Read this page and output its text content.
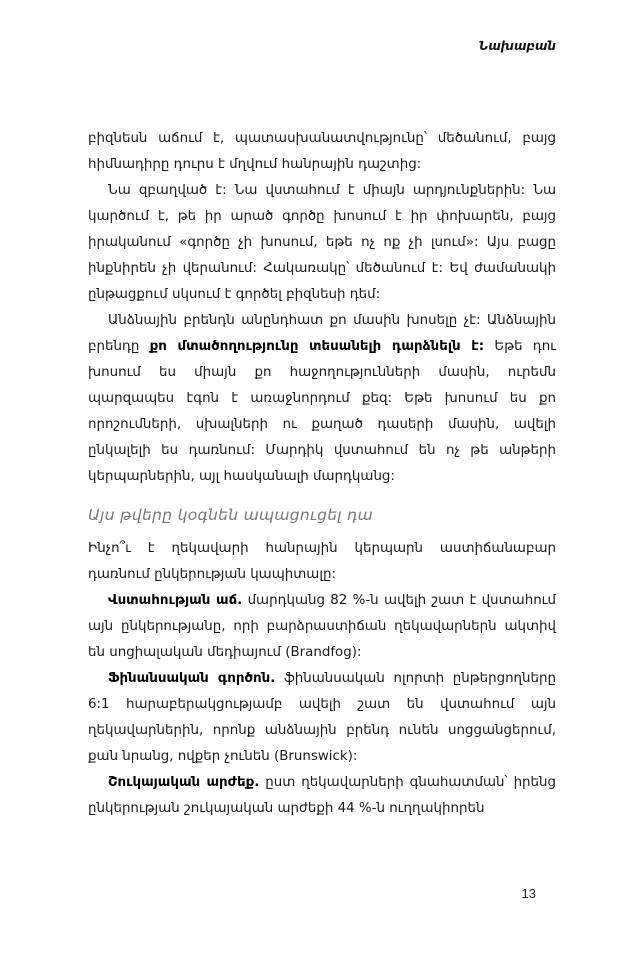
Նախաբան

բիզնեսն աճում է, պատասխանատվությունը՝ մեծանում, բայց հիմնադիրը դուրս է մղվում հանրային դաշտից:

Նա զբաղված է: Նա վստահում է միայն արդյունքներին: Նա կարծում է, թե իր արած գործը խոսում է իր փոխարեն, բայց իրականում «գործը չի խոսում, եթե ոչ ոք չի լսում»: Այս բացը ինքնիրեն չի վերանում: Հակառակը՝ մեծանում է: Եվ ժամանակի ընթացքում սկսում է գործել բիզնեսի դեմ:

Անձնային բրենդն անընդհատ քո մասին խոսելը չէ: Անձնային բրենդը քո մտածողությունը տեսանելի դարձնելն է: Եթե դու խոսում ես միայն քո հաջողությունների մասին, ուրեմն պարզապես էգոն է առաջնորդում քեզ: Եթե խոսում ես քո որոշումների, սխալների ու քաղած դասերի մասին, ավելի ընկալելի ես դառնում: Մարդիկ վստահում են ոչ թե անթերի կերպարներին, այլ հասկանալի մարդկանց:

Այս թվերը կօգնեն ապացուցել դա

Ինչո՞ւ է ղեկավարի հանրային կերպարն աստիճանաբար դառնում ընկերության կապիտալը:

Վստահության աճ. մարդկանց 82 %-ն ավելի շատ է վստահում այն ընկերությանը, որի բարձրաստիճան ղեկավարներն ակտիվ են սոցիալական մեդիայում (Brandfog):

Ֆինանսական գործոն. ֆինանսական ոլորտի ընթերցողները 6:1 հարաբերակցությամբ ավելի շատ են վստահում այն ղեկավարներին, որոնք անձնային բրենդ ունեն սոցցանցերում, քան նրանց, ովքեր չունեն (Brunswick):

Շուկայական արժեք. ըստ ղեկավարների գնահատման՝ իրենց ընկերության շուկայական արժեքի 44 %-ն ուղղակիորեն

13
